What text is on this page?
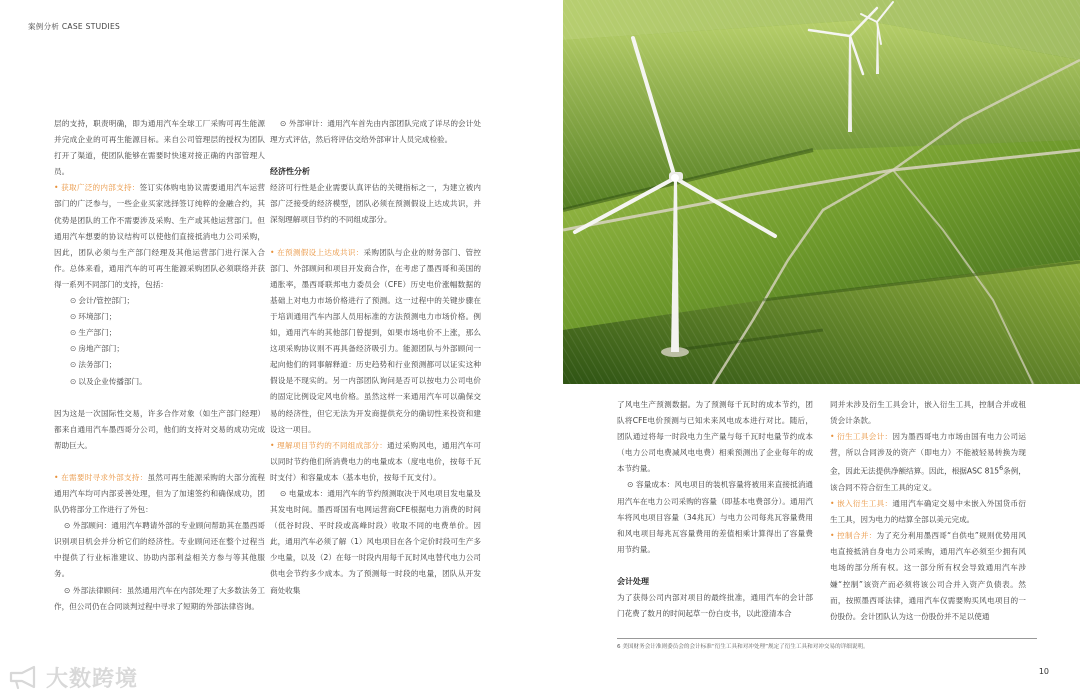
案例分析 CASE STUDIES

层的支持，职责明确，即为通用汽车全球工厂采购可再生能源并完成企业的可再生能源目标。来自公司管理层的授权为团队打开了渠道，使团队能够在需要时快速对接正确的内部管理人员。

• 获取广泛的内部支持：签订实体购电协议需要通用汽车运营部门的广泛参与，一些企业买家选择签订纯粹的金融合约，其优势是团队的工作不需要涉及采购、生产或其他运营部门。但通用汽车想要的协议结构可以使他们直接抵消电力公司采购，因此，团队必须与生产部门经理及其他运营部门进行深入合作。总体来看，通用汽车的可再生能源采购团队必须联络并获得一系列不同部门的支持，包括：

⊙ 会计/管控部门；
⊙ 环境部门；
⊙ 生产部门；
⊙ 房地产部门；
⊙ 法务部门；
⊙ 以及企业传播部门。

因为这是一次国际性交易，许多合作对象（如生产部门经理）都来自通用汽车墨西哥分公司，他们的支持对交易的成功完成帮助巨大。

• 在需要时寻求外部支持：虽然可再生能源采购的大部分流程通用汽车均可内部妥善处理，但为了加速签约和确保成功，团队仍将部分工作进行了外包：

⊙ 外部顾问：通用汽车聘请外部的专业顾问帮助其在墨西哥识别项目机会并分析它们的经济性。专业顾问还在整个过程当中提供了行业标准建议、协助内部利益相关方参与等其他服务。

⊙ 外部法律顾问：虽然通用汽车在内部处理了大多数法务工作，但公司仍在合同谈判过程中寻求了短期的外部法律咨询。

⊙ 外部审计：通用汽车首先由内部团队完成了详尽的会计处理方式评估，然后将评估交给外部审计人员完成检验。

经济性分析

经济可行性是企业需要认真评估的关键指标之一，为建立被内部广泛接受的经济模型，团队必须在预测假设上达成共识，并深刻理解项目节约的不同组成部分。

• 在预测假设上达成共识：采购团队与企业的财务部门、管控部门、外部顾问和项目开发商合作，在考虑了墨西哥和美国的通胀率，墨西哥联邦电力委员会（CFE）历史电价涨幅数据的基础上对电力市场价格进行了预测。这一过程中的关键步骤在于培训通用汽车内部人员用标准的方法预测电力市场价格。例如，通用汽车的其他部门曾提到，如果市场电价不上涨，那么这项采购协议则不再具备经济吸引力。能源团队与外部顾问一起向他们的同事解释道：历史趋势和行业预测都可以证实这种假设是不现实的。另一内部团队询问是否可以按电力公司电价的固定比例设定风电价格。虽然这样一来通用汽车可以确保交易的经济性，但它无法为开发商提供充分的确切性来投资和建设这一项目。

• 理解项目节约的不同组成部分：通过采购风电，通用汽车可以同时节约他们所消费电力的电量成本（度电电价，按每千瓦时支付）和容量成本（基本电价，按每千瓦支付）。

⊙ 电量成本：通用汽车的节约预测取决于风电项目发电量及其发电时间。墨西哥国有电网运营商CFE根据电力消费的时间（低谷时段、平时段或高峰时段）收取不同的电费单价。因此，通用汽车必须了解（1）风电项目在各个定价时段可生产多少电量，以及（2）在每一时段内用每千瓦时风电替代电力公司供电会节约多少成本。为了预测每一时段的电量，团队从开发商处收集

了风电生产预测数据。为了预测每千瓦时的成本节约，团队将CFE电价预测与已知未来风电成本进行对比。随后，团队通过将每一时段电力生产量与每千瓦时电量节约成本（电力公司电费减风电电费）相乘预测出了企业每年的成本节约量。

⊙ 容量成本：风电项目的装机容量将被用来直接抵消通用汽车在电力公司采购的容量（即基本电费部分）。通用汽车将风电项目容量（34兆瓦）与电力公司每兆瓦容量费用和风电项目每兆瓦容量费用的差值相乘计算得出了容量费用节约量。

会计处理

为了获得公司内部对项目的最终批准，通用汽车的会计部门花费了数月的时间起草一份白皮书，以此澄清本合

同并未涉及衍生工具会计，嵌入衍生工具，控制合并或租赁会计条款。

• 衍生工具会计：因为墨西哥电力市场由国有电力公司运营，所以合同涉及的资产（即电力）不能被轻易转换为现金，因此无法提供净额结算。因此，根据ASC $815^6$条例，该合同不符合衍生工具的定义。

• 嵌入衍生工具：通用汽车确定交易中未嵌入外国货币衍生工具，因为电力的结算全部以美元完成。

• 控制合并：为了充分利用墨西哥“自供电”规则优势用风电直接抵消自身电力公司采购，通用汽车必须至少拥有风电场的部分所有权。这一部分所有权会导致通用汽车涉嫌“控制”该资产而必须将该公司合并入资产负债表。然而，按照墨西哥法律，通用汽车仅需要购买风电项目的一份股份。会计团队认为这一份股份并不足以使通

6 美国财务会计准则委员会的会计标准“衍生工具和对冲处理”规定了衍生工具和对冲交易的详细说明。
10
大数跨境
